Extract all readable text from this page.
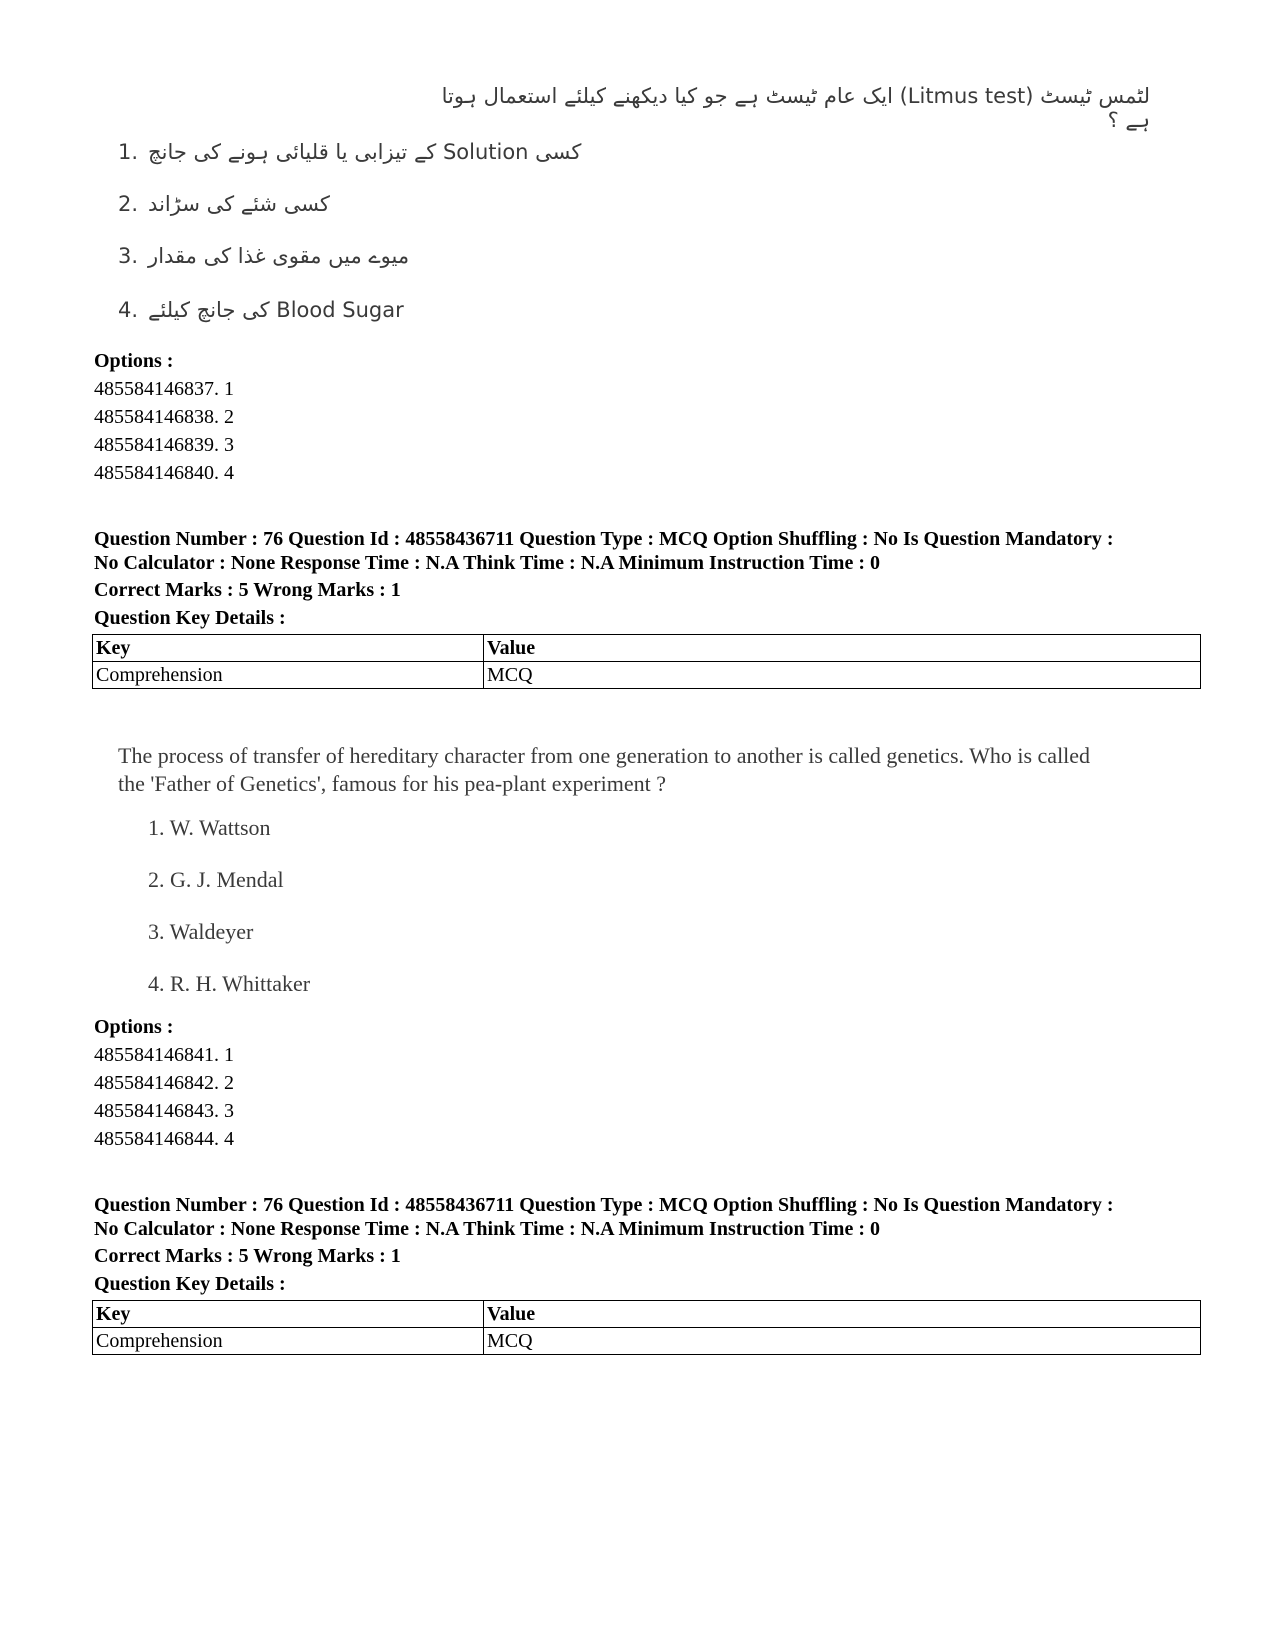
لٹمس ٹیسٹ (Litmus test) ایک عام ٹیسٹ ہے جو کیا دیکھنے کیلئے استعمال ہوتا ہے ؟
1. کسی Solution کے تیزابی یا قلیائی ہونے کی جانچ
2. کسی شئے کی سڑاند
3. میوے میں مقوی غذا کی مقدار
4. Blood Sugar کی جانچ کیلئے
Options :
485584146837. 1
485584146838. 2
485584146839. 3
485584146840. 4
Question Number : 76 Question Id : 48558436711 Question Type : MCQ Option Shuffling : No Is Question Mandatory :
No Calculator : None Response Time : N.A Think Time : N.A Minimum Instruction Time : 0
Correct Marks : 5 Wrong Marks : 1
Question Key Details :
Key	Value
Comprehension	MCQ
The process of transfer of hereditary character from one generation to another is called genetics. Who is called
the 'Father of Genetics', famous for his pea-plant experiment ?
1. W. Wattson
2. G. J. Mendal
3. Waldeyer
4. R. H. Whittaker
Options :
485584146841. 1
485584146842. 2
485584146843. 3
485584146844. 4
Question Number : 76 Question Id : 48558436711 Question Type : MCQ Option Shuffling : No Is Question Mandatory :
No Calculator : None Response Time : N.A Think Time : N.A Minimum Instruction Time : 0
Correct Marks : 5 Wrong Marks : 1
Question Key Details :
Key	Value
Comprehension	MCQ
